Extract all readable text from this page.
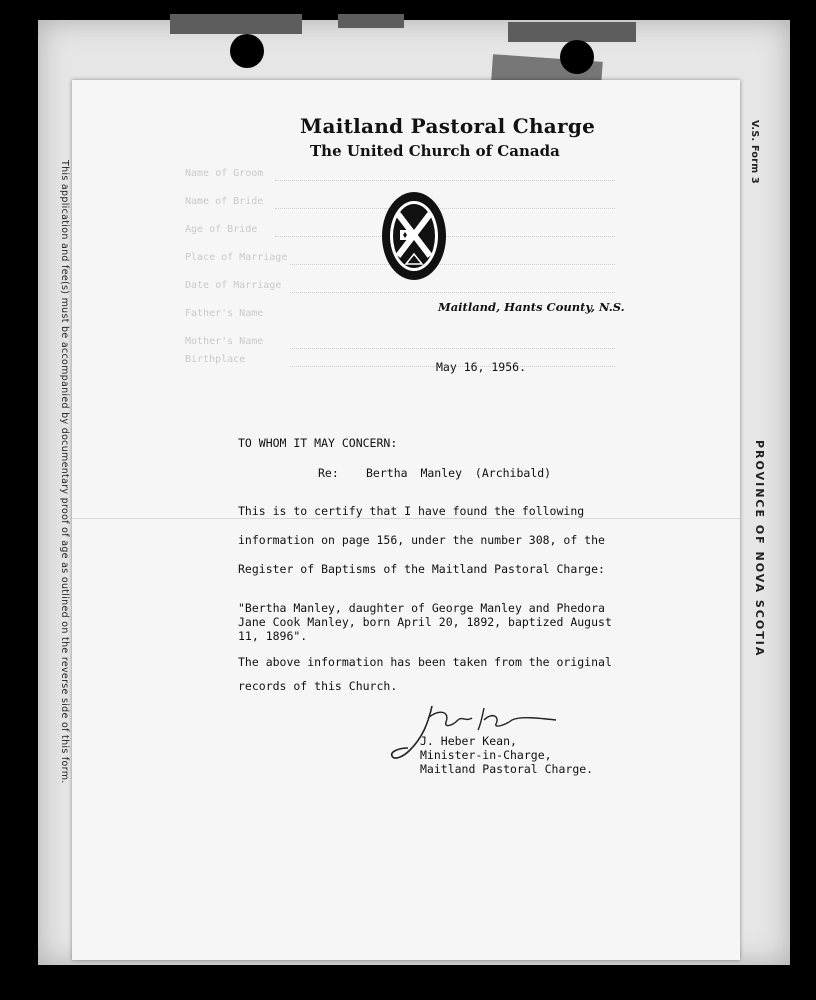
V.S. Form 3
PROVINCE OF NOVA SCOTIA
This application and fee(s) must be accompanied by documentary proof of age as outlined on the reverse side of this form.	Name of Groom
Name of Bride
Age of Bride
Place of Marriage
Date of Marriage
Father's Name
Mother's Name
Birthplace
Maitland Pastoral Charge
The United Church of Canada
Maitland, Hants County, N.S.
May 16, 1956.
TO WHOM IT MAY CONCERN:
Re: Bertha Manley (Archibald)
This is to certify that I have found the following
information on page 156, under the number 308, of the
Register of Baptisms of the Maitland Pastoral Charge:
"Bertha Manley, daughter of George Manley and Phedora
Jane Cook Manley, born April 20, 1892, baptized August
11, 1896".
The above information has been taken from the original
records of this Church.
J. Heber Kean,
Minister-in-Charge,
Maitland Pastoral Charge.
